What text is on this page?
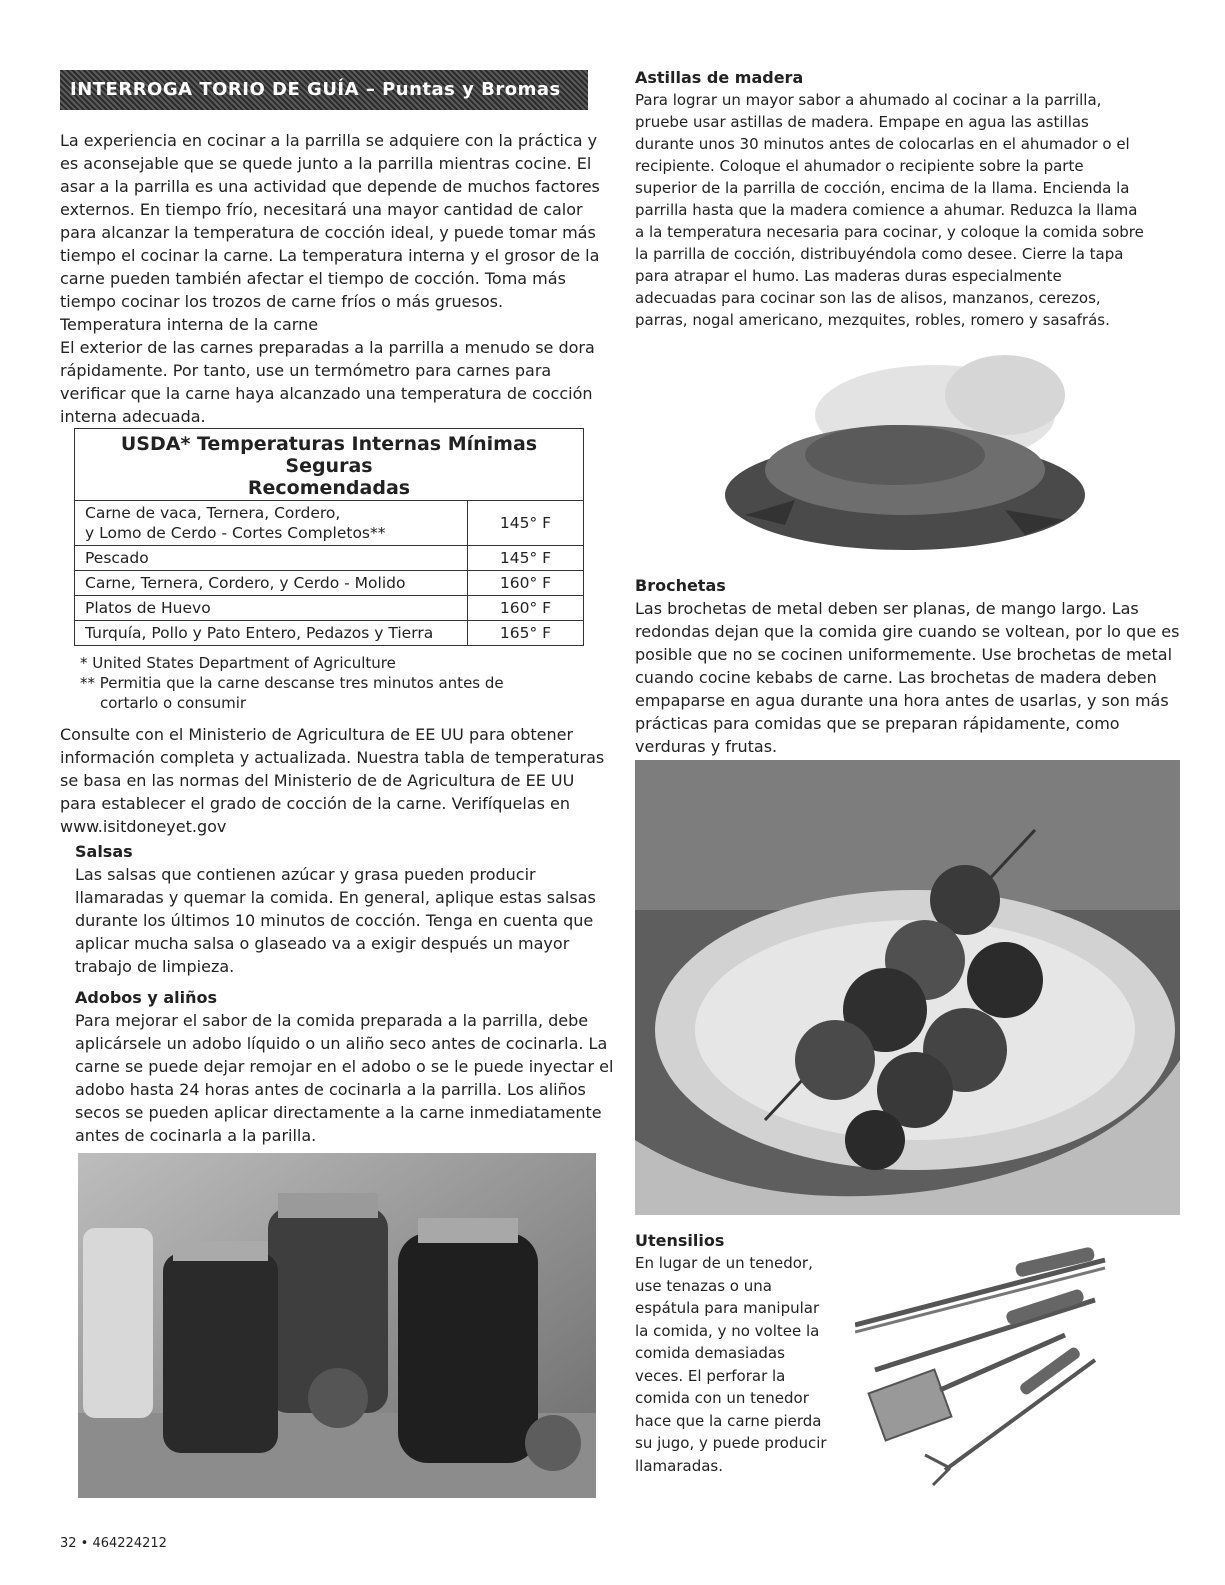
INTERROGA TORIO DE GUÍA – Puntas y Bromas

La experiencia en cocinar a la parrilla se adquiere con la práctica y

es aconsejable que se quede junto a la parrilla mientras cocine. El

asar a la parrilla es una actividad que depende de muchos factores

externos. En tiempo frío, necesitará una mayor cantidad de calor

para alcanzar la temperatura de cocción ideal, y puede tomar más

tiempo el cocinar la carne. La temperatura interna y el grosor de la

carne pueden también afectar el tiempo de cocción. Toma más

tiempo cocinar los trozos de carne fríos o más gruesos.

Temperatura interna de la carne

El exterior de las carnes preparadas a la parrilla a menudo se dora

rápidamente. Por tanto, use un termómetro para carnes para

verificar que la carne haya alcanzado una temperatura de cocción

interna adecuada.

USDA* Temperaturas Internas Mínimas Seguras
Recomendadas
Carne de vaca, Ternera, Cordero,
y Lomo de Cerdo - Cortes Completos**	145° F
Pescado	145° F
Carne, Ternera, Cordero, y Cerdo - Molido	160° F
Platos de Huevo	160° F
Turquía, Pollo y Pato Entero, Pedazos y Tierra	165° F

* United States Department of Agriculture

** Permitia que la carne descanse tres minutos antes de

cortarlo o consumir

Consulte con el Ministerio de Agricultura de EE UU para obtener

información completa y actualizada. Nuestra tabla de temperaturas

se basa en las normas del Ministerio de de Agricultura de EE UU

para establecer el grado de cocción de la carne. Verifíquelas en

www.isitdoneyet.gov

Salsas

Las salsas que contienen azúcar y grasa pueden producir

llamaradas y quemar la comida. En general, aplique estas salsas

durante los últimos 10 minutos de cocción. Tenga en cuenta que

aplicar mucha salsa o glaseado va a exigir después un mayor

trabajo de limpieza.

Adobos y aliños

Para mejorar el sabor de la comida preparada a la parrilla, debe

aplicársele un adobo líquido o un aliño seco antes de cocinarla. La

carne se puede dejar remojar en el adobo o se le puede inyectar el

adobo hasta 24 horas antes de cocinarla a la parrilla. Los aliños

secos se pueden aplicar directamente a la carne inmediatamente

antes de cocinarla a la parilla.

32 • 464224212

Astillas de madera

Para lograr un mayor sabor a ahumado al cocinar a la parrilla,

pruebe usar astillas de madera. Empape en agua las astillas

durante unos 30 minutos antes de colocarlas en el ahumador o el

recipiente. Coloque el ahumador o recipiente sobre la parte

superior de la parrilla de cocción, encima de la llama. Encienda la

parrilla hasta que la madera comience a ahumar. Reduzca la llama

a la temperatura necesaria para cocinar, y coloque la comida sobre

la parrilla de cocción, distribuyéndola como desee. Cierre la tapa

para atrapar el humo. Las maderas duras especialmente

adecuadas para cocinar son las de alisos, manzanos, cerezos,

parras, nogal americano, mezquites, robles, romero y sasafrás.

Brochetas

Las brochetas de metal deben ser planas, de mango largo. Las

redondas dejan que la comida gire cuando se voltean, por lo que es

posible que no se cocinen uniformemente. Use brochetas de metal

cuando cocine kebabs de carne. Las brochetas de madera deben

empaparse en agua durante una hora antes de usarlas, y son más

prácticas para comidas que se preparan rápidamente, como

verduras y frutas.

Utensilios

En lugar de un tenedor,

use tenazas o una

espátula para manipular

la comida, y no voltee la

comida demasiadas

veces. El perforar la

comida con un tenedor

hace que la carne pierda

su jugo, y puede producir

llamaradas.
